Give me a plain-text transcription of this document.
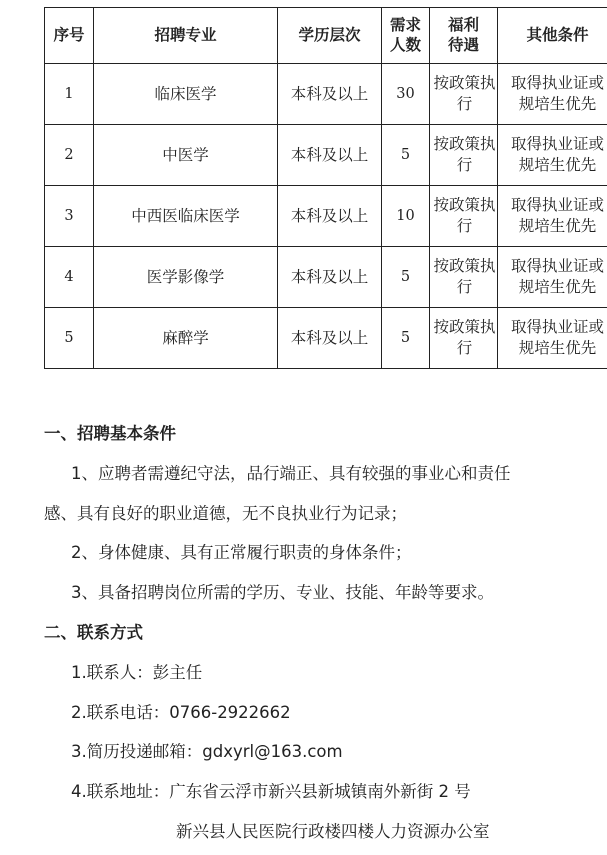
序号	招聘专业	学历层次	需求人数	福利待遇	其他条件
1	临床医学	本科及以上	30	按政策执行	取得执业证或规培生优先
2	中医学	本科及以上	5	按政策执行	取得执业证或规培生优先
3	中西医临床医学	本科及以上	10	按政策执行	取得执业证或规培生优先
4	医学影像学	本科及以上	5	按政策执行	取得执业证或规培生优先
5	麻醉学	本科及以上	5	按政策执行	取得执业证或规培生优先
一、招聘基本条件
1、应聘者需遵纪守法，品行端正、具有较强的事业心和责任
感、具有良好的职业道德，无不良执业行为记录；
2、身体健康、具有正常履行职责的身体条件；
3、具备招聘岗位所需的学历、专业、技能、年龄等要求。
二、联系方式
1.联系人：彭主任
2.联系电话：0766-2922662
3.简历投递邮箱：gdxyrl@163.com
4.联系地址：广东省云浮市新兴县新城镇南外新街 2 号
新兴县人民医院行政楼四楼人力资源办公室
